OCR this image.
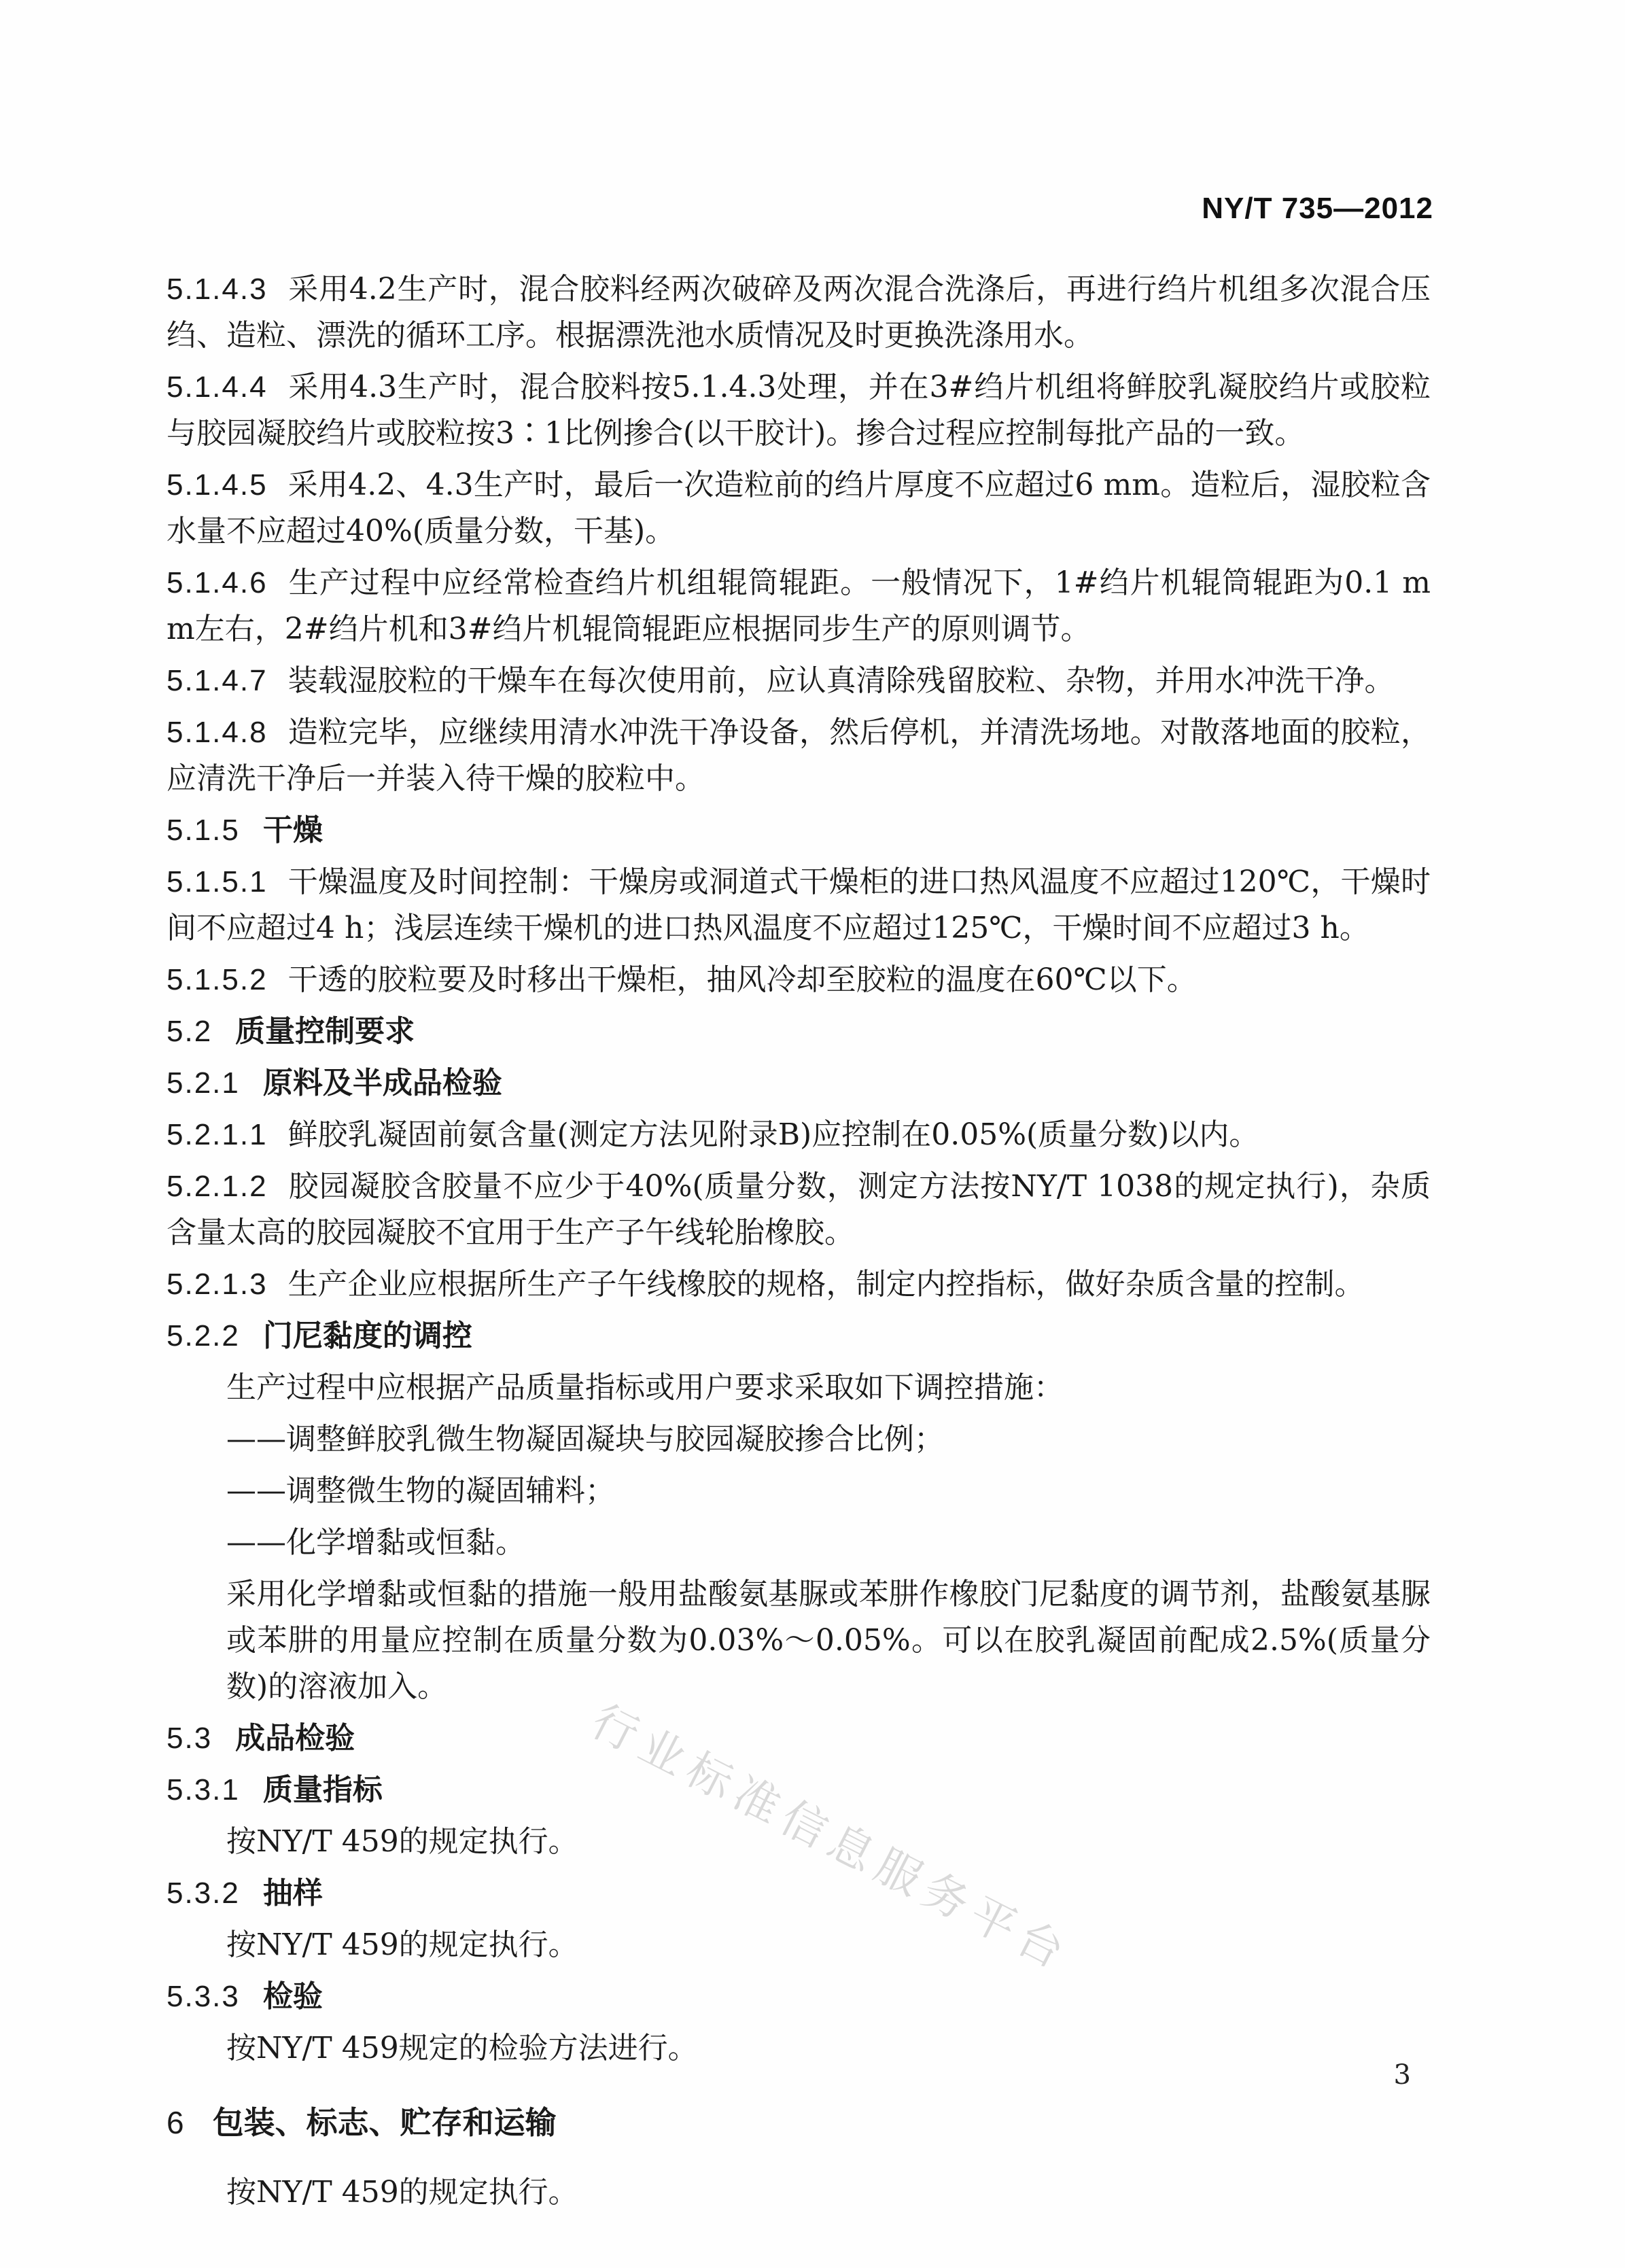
NY/T 735—2012
5.1.4.3 采用4.2生产时，混合胶料经两次破碎及两次混合洗涤后，再进行绉片机组多次混合压绉、造粒、漂洗的循环工序。根据漂洗池水质情况及时更换洗涤用水。
5.1.4.4 采用4.3生产时，混合胶料按5.1.4.3处理，并在3#绉片机组将鲜胶乳凝胶绉片或胶粒与胶园凝胶绉片或胶粒按3∶1比例掺合(以干胶计)。掺合过程应控制每批产品的一致。
5.1.4.5 采用4.2、4.3生产时，最后一次造粒前的绉片厚度不应超过6 mm。造粒后，湿胶粒含水量不应超过40%(质量分数，干基)。
5.1.4.6 生产过程中应经常检查绉片机组辊筒辊距。一般情况下，1#绉片机辊筒辊距为0.1 mm左右，2#绉片机和3#绉片机辊筒辊距应根据同步生产的原则调节。
5.1.4.7 装载湿胶粒的干燥车在每次使用前，应认真清除残留胶粒、杂物，并用水冲洗干净。
5.1.4.8 造粒完毕，应继续用清水冲洗干净设备，然后停机，并清洗场地。对散落地面的胶粒，应清洗干净后一并装入待干燥的胶粒中。
5.1.5 干燥
5.1.5.1 干燥温度及时间控制：干燥房或洞道式干燥柜的进口热风温度不应超过120℃，干燥时间不应超过4 h；浅层连续干燥机的进口热风温度不应超过125℃，干燥时间不应超过3 h。
5.1.5.2 干透的胶粒要及时移出干燥柜，抽风冷却至胶粒的温度在60℃以下。
5.2 质量控制要求
5.2.1 原料及半成品检验
5.2.1.1 鲜胶乳凝固前氨含量(测定方法见附录B)应控制在0.05%(质量分数)以内。
5.2.1.2 胶园凝胶含胶量不应少于40%(质量分数，测定方法按NY/T 1038的规定执行)，杂质含量太高的胶园凝胶不宜用于生产子午线轮胎橡胶。
5.2.1.3 生产企业应根据所生产子午线橡胶的规格，制定内控指标，做好杂质含量的控制。
5.2.2 门尼黏度的调控
生产过程中应根据产品质量指标或用户要求采取如下调控措施：
——调整鲜胶乳微生物凝固凝块与胶园凝胶掺合比例；
——调整微生物的凝固辅料；
——化学增黏或恒黏。
采用化学增黏或恒黏的措施一般用盐酸氨基脲或苯肼作橡胶门尼黏度的调节剂，盐酸氨基脲或苯肼的用量应控制在质量分数为0.03%～0.05%。可以在胶乳凝固前配成2.5%(质量分数)的溶液加入。
5.3 成品检验
5.3.1 质量指标
按NY/T 459的规定执行。
5.3.2 抽样
按NY/T 459的规定执行。
5.3.3 检验
按NY/T 459规定的检验方法进行。
6 包装、标志、贮存和运输
按NY/T 459的规定执行。
行业标准信息服务平台
3
